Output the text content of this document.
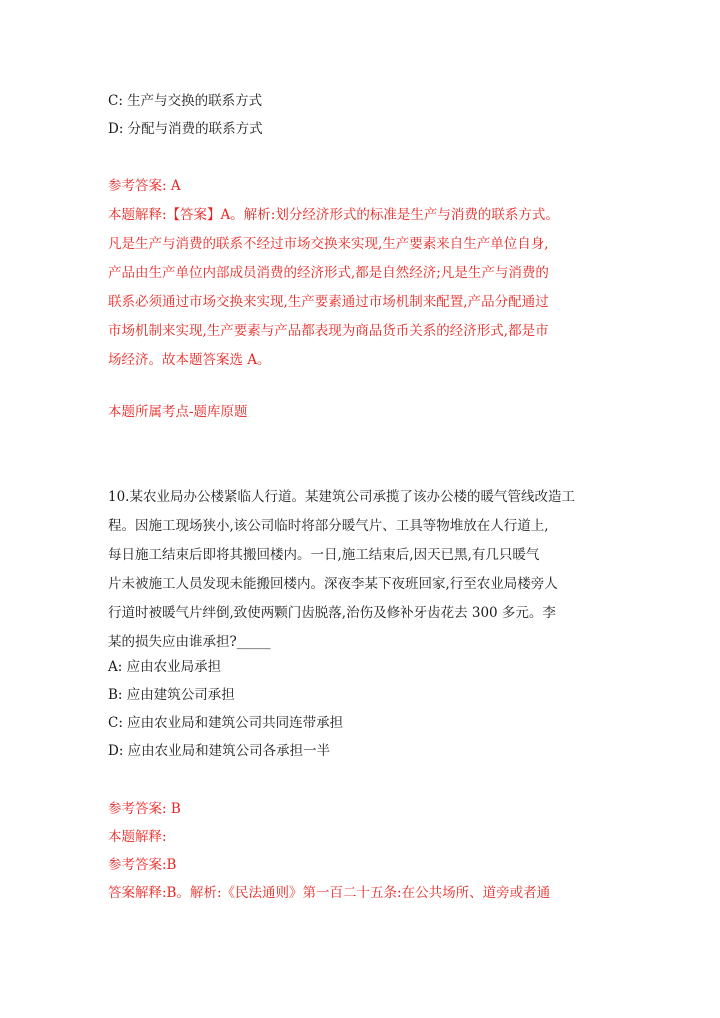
C: 生产与交换的联系方式
D: 分配与消费的联系方式
参考答案: A
本题解释:【答案】A。解析:划分经济形式的标准是生产与消费的联系方式。
凡是生产与消费的联系不经过市场交换来实现,生产要素来自生产单位自身,
产品由生产单位内部成员消费的经济形式,都是自然经济;凡是生产与消费的
联系必须通过市场交换来实现,生产要素通过市场机制来配置,产品分配通过
市场机制来实现,生产要素与产品都表现为商品货币关系的经济形式,都是市
场经济。故本题答案选 A。
本题所属考点-题库原题
10.某农业局办公楼紧临人行道。某建筑公司承揽了该办公楼的暖气管线改造工
程。因施工现场狭小,该公司临时将部分暖气片、工具等物堆放在人行道上,
每日施工结束后即将其搬回楼内。一日,施工结束后,因天已黑,有几只暖气
片未被施工人员发现未能搬回楼内。深夜李某下夜班回家,行至农业局楼旁人
行道时被暖气片绊倒,致使两颗门齿脱落,治伤及修补牙齿花去 300 多元。李
某的损失应由谁承担?_____
A: 应由农业局承担
B: 应由建筑公司承担
C: 应由农业局和建筑公司共同连带承担
D: 应由农业局和建筑公司各承担一半
参考答案: B
本题解释:
参考答案:B
答案解释:B。解析:《民法通则》第一百二十五条:在公共场所、道旁或者通
